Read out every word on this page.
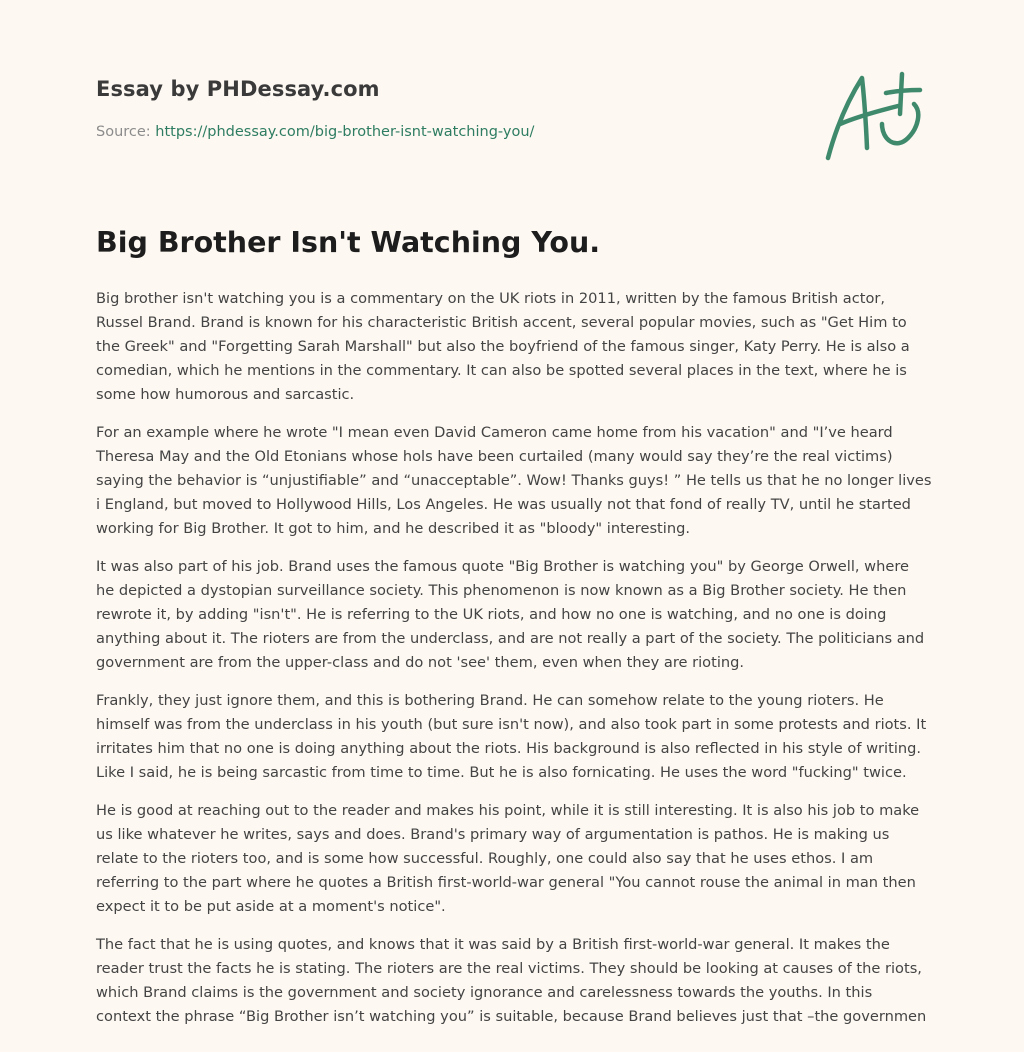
Essay by PHDessay.com

Source: https://phdessay.com/big-brother-isnt-watching-you/

Big Brother Isn't Watching You.

Big brother isn't watching you is a commentary on the UK riots in 2011, written by the famous British actor,
Russel Brand. Brand is known for his characteristic British accent, several popular movies, such as "Get Him to
the Greek" and "Forgetting Sarah Marshall" but also the boyfriend of the famous singer, Katy Perry. He is also a
comedian, which he mentions in the commentary. It can also be spotted several places in the text, where he is
some how humorous and sarcastic.

For an example where he wrote "I mean even David Cameron came home from his vacation" and "I’ve heard
Theresa May and the Old Etonians whose hols have been curtailed (many would say they’re the real victims)
saying the behavior is “unjustifiable” and “unacceptable”. Wow! Thanks guys! ” He tells us that he no longer lives
i England, but moved to Hollywood Hills, Los Angeles. He was usually not that fond of really TV, until he started
working for Big Brother. It got to him, and he described it as "bloody" interesting.

It was also part of his job. Brand uses the famous quote "Big Brother is watching you" by George Orwell, where
he depicted a dystopian surveillance society. This phenomenon is now known as a Big Brother society. He then
rewrote it, by adding "isn't". He is referring to the UK riots, and how no one is watching, and no one is doing
anything about it. The rioters are from the underclass, and are not really a part of the society. The politicians and
government are from the upper-class and do not 'see' them, even when they are rioting.

Frankly, they just ignore them, and this is bothering Brand. He can somehow relate to the young rioters. He
himself was from the underclass in his youth (but sure isn't now), and also took part in some protests and riots. It
irritates him that no one is doing anything about the riots. His background is also reflected in his style of writing.
Like I said, he is being sarcastic from time to time. But he is also fornicating. He uses the word "fucking" twice.

He is good at reaching out to the reader and makes his point, while it is still interesting. It is also his job to make
us like whatever he writes, says and does. Brand's primary way of argumentation is pathos. He is making us
relate to the rioters too, and is some how successful. Roughly, one could also say that he uses ethos. I am
referring to the part where he quotes a British first-world-war general "You cannot rouse the animal in man then
expect it to be put aside at a moment's notice".

The fact that he is using quotes, and knows that it was said by a British first-world-war general. It makes the
reader trust the facts he is stating. The rioters are the real victims. They should be looking at causes of the riots,
which Brand claims is the government and society ignorance and carelessness towards the youths. In this
context the phrase “Big Brother isn’t watching you” is suitable, because Brand believes just that –the governmen
